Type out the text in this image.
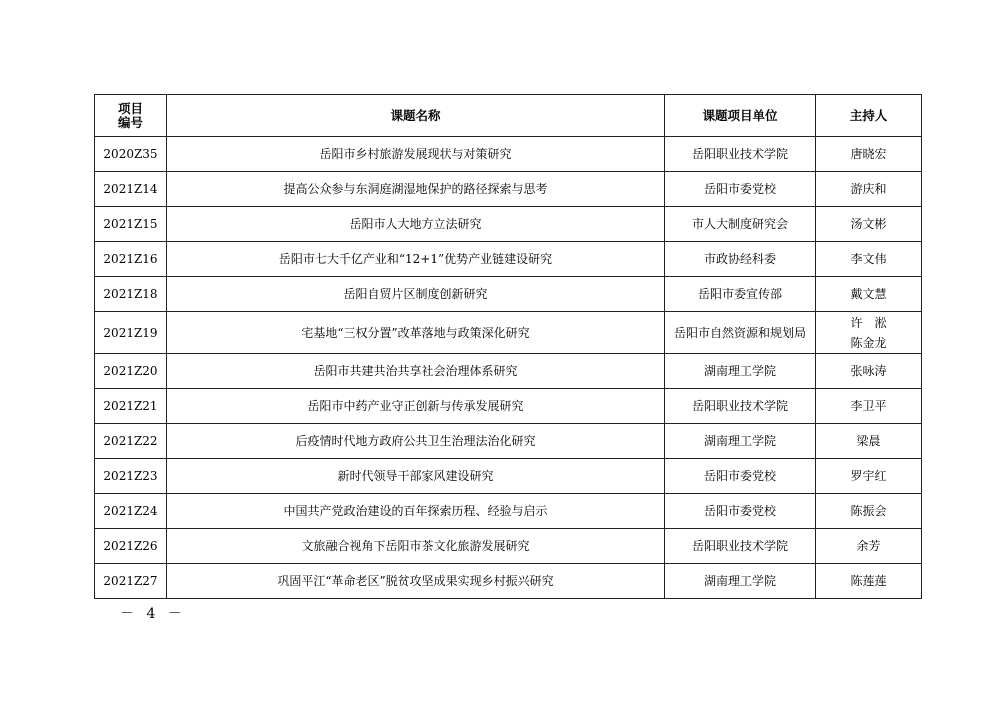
项目
编号	课题名称	课题项目单位	主持人
2020Z35	岳阳市乡村旅游发展现状与对策研究	岳阳职业技术学院	唐晓宏
2021Z14	提高公众参与东洞庭湖湿地保护的路径探索与思考	岳阳市委党校	游庆和
2021Z15	岳阳市人大地方立法研究	市人大制度研究会	汤文彬
2021Z16	岳阳市七大千亿产业和“12+1”优势产业链建设研究	市政协经科委	李文伟
2021Z18	岳阳自贸片区制度创新研究	岳阳市委宣传部	戴文慧
2021Z19	宅基地“三权分置”改革落地与政策深化研究	岳阳市自然资源和规划局	许　淞
陈金龙

2021Z20	岳阳市共建共治共享社会治理体系研究	湖南理工学院	张咏涛
2021Z21	岳阳市中药产业守正创新与传承发展研究	岳阳职业技术学院	李卫平
2021Z22	后疫情时代地方政府公共卫生治理法治化研究	湖南理工学院	梁晨
2021Z23	新时代领导干部家风建设研究	岳阳市委党校	罗宇红
2021Z24	中国共产党政治建设的百年探索历程、经验与启示	岳阳市委党校	陈振会
2021Z26	文旅融合视角下岳阳市茶文化旅游发展研究	岳阳职业技术学院	余芳
2021Z27	巩固平江“革命老区”脱贫攻坚成果实现乡村振兴研究	湖南理工学院	陈莲莲
－ 4 －
